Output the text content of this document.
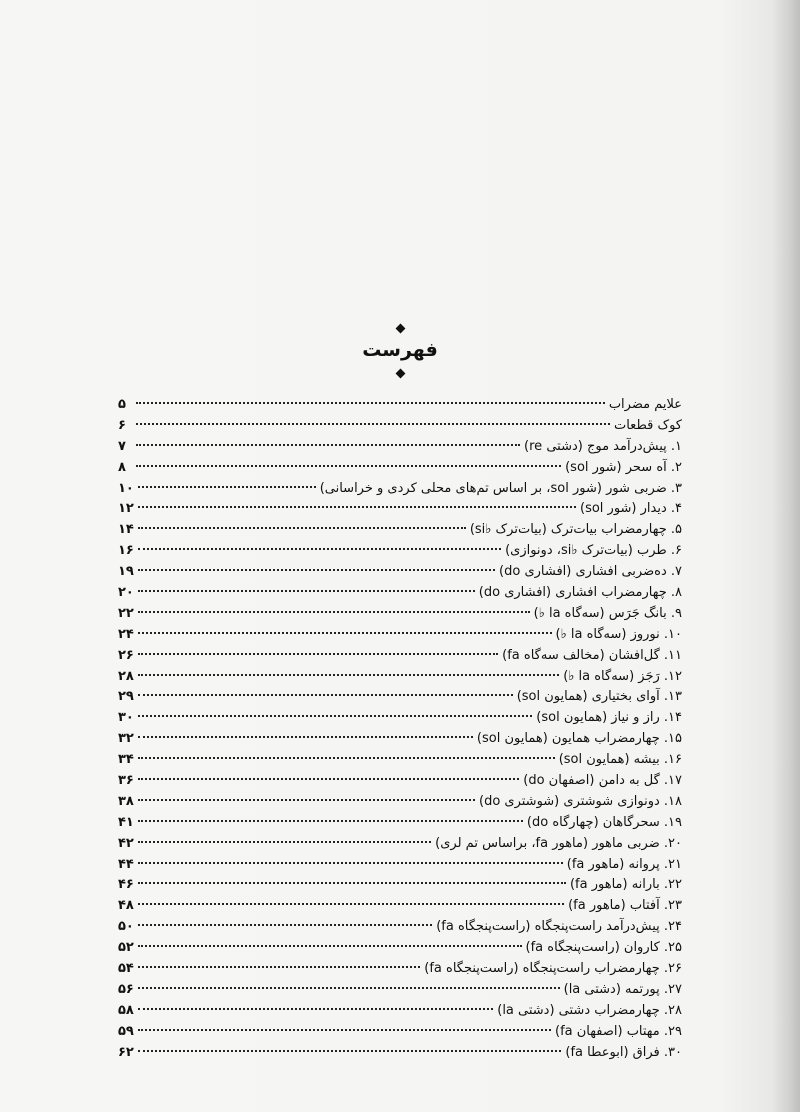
فهرست
علایم مضراب
۵
کوک قطعات
۶
۱. پیش‌درآمد موج (دشتی re)
۷
۲. آه سحر (شور sol)
۸
۳. ضربی شور (شور sol، بر اساس تم‌های محلی کردی و خراسانی)
۱۰
۴. دیدار (شور sol)
۱۲
۵. چهارمضراب بیات‌ترک (بیات‌ترک ♭si)
۱۴
۶. طرب (بیات‌ترک ♭si، دونوازی)
۱۶
۷. ده‌ضربی افشاری (افشاری do)
۱۹
۸. چهارمضراب افشاری (افشاری do)
۲۰
۹. بانگ جَرَس (سه‌گاه la ♭)
۲۲
۱۰. نوروز (سه‌گاه la ♭)
۲۴
۱۱. گل‌افشان (مخالف سه‌گاه fa)
۲۶
۱۲. رَجَز (سه‌گاه la ♭)
۲۸
۱۳. آوای بختیاری (همایون sol)
۲۹
۱۴. راز و نیاز (همایون sol)
۳۰
۱۵. چهارمضراب همایون (همایون sol)
۳۲
۱۶. بیشه (همایون sol)
۳۴
۱۷. گل به دامن (اصفهان do)
۳۶
۱۸. دونوازی شوشتری (شوشتری do)
۳۸
۱۹. سحرگاهان (چهارگاه do)
۴۱
۲۰. ضربی ماهور (ماهور fa، براساس تم لری)
۴۲
۲۱. پروانه (ماهور fa)
۴۴
۲۲. بارانه (ماهور fa)
۴۶
۲۳. آفتاب (ماهور fa)
۴۸
۲۴. پیش‌درآمد راست‌پنجگاه (راست‌پنجگاه fa)
۵۰
۲۵. کاروان (راست‌پنجگاه fa)
۵۲
۲۶. چهارمضراب راست‌پنجگاه (راست‌پنجگاه fa)
۵۴
۲۷. پورتمه (دشتی la)
۵۶
۲۸. چهارمضراب دشتی (دشتی la)
۵۸
۲۹. مهتاب (اصفهان fa)
۵۹
۳۰. فراق (ابوعطا fa)
۶۲
